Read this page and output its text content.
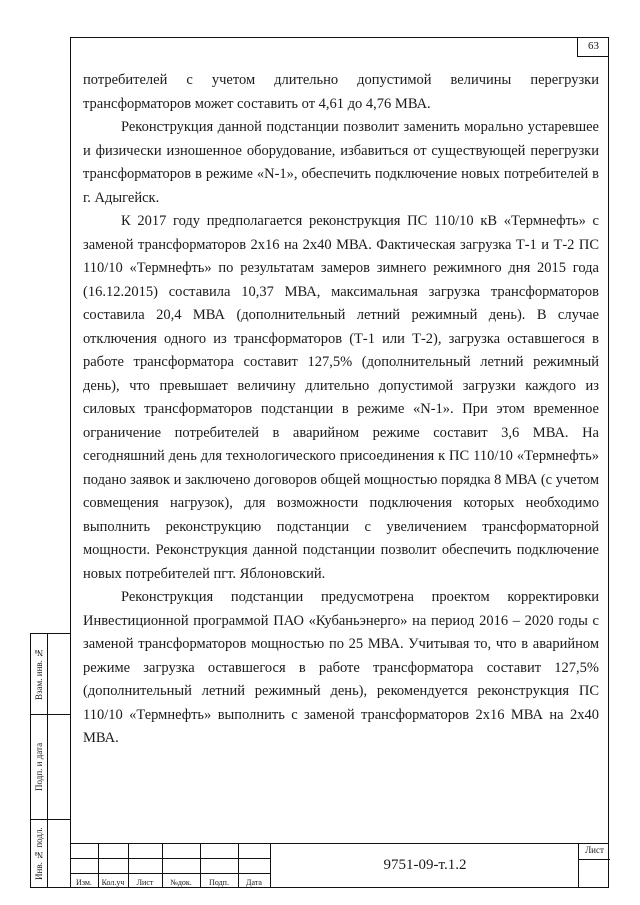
63

потребителей с учетом длительно допустимой величины перегрузки трансформаторов может составить от 4,61 до 4,76 МВА.

Реконструкция данной подстанции позволит заменить морально устаревшее и физически изношенное оборудование, избавиться от существующей перегрузки трансформаторов в режиме «N-1», обеспечить подключение новых потребителей в г. Адыгейск.

К 2017 году предполагается реконструкция ПС 110/10 кВ «Термнефть» с заменой трансформаторов 2х16 на 2х40 МВА. Фактическая загрузка Т-1 и Т-2 ПС 110/10 «Термнефть» по результатам замеров зимнего режимного дня 2015 года (16.12.2015) составила 10,37 МВА, максимальная загрузка трансформаторов составила 20,4 МВА (дополнительный летний режимный день). В случае отключения одного из трансформаторов (Т-1 или Т-2), загрузка оставшегося в работе трансформатора составит 127,5% (дополнительный летний режимный день), что превышает величину длительно допустимой загрузки каждого из силовых трансформаторов подстанции в режиме «N-1». При этом временное ограничение потребителей в аварийном режиме составит 3,6 МВА. На сегодняшний день для технологического присоединения к ПС 110/10 «Термнефть» подано заявок и заключено договоров общей мощностью порядка 8 МВА (с учетом совмещения нагрузок), для возможности подключения которых необходимо выполнить реконструкцию подстанции с увеличением трансформаторной мощности. Реконструкция данной подстанции позволит обеспечить подключение новых потребителей пгт. Яблоновский.

Реконструкция подстанции предусмотрена проектом корректировки Инвестиционной программой ПАО «Кубаньэнерго» на период 2016 – 2020 годы с заменой трансформаторов мощностью по 25 МВА. Учитывая то, что в аварийном режиме загрузка оставшегося в работе трансформатора составит 127,5% (дополнительный летний режимный день), рекомендуется реконструкция ПС 110/10 «Термнефть» выполнить с заменой трансформаторов 2х16 МВА на 2х40 МВА.

Взам. инв. №
Подп. и дата
Инв. № подл.
Изм.	Кол.уч	Лист	№док.	Подп.	Дата
9751-09-т.1.2
Лист
